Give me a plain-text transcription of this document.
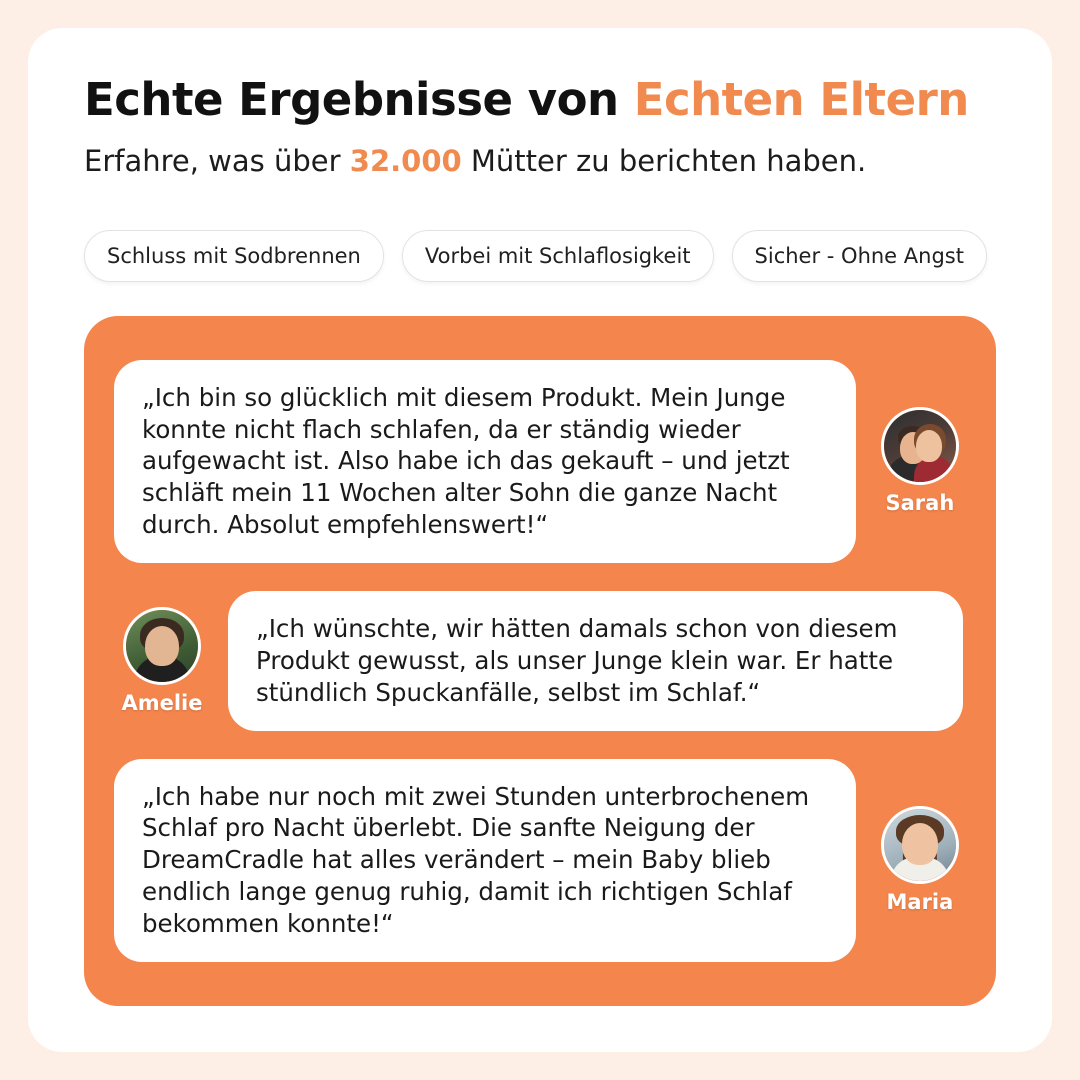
Echte Ergebnisse von Echten Eltern

Erfahre, was über 32.000 Mütter zu berichten haben.

Schluss mit Sodbrennen	Vorbei mit Schlaflosigkeit	Sicher - Ohne Angst
„Ich bin so glücklich mit diesem Produkt. Mein Junge konnte nicht flach schlafen, da er ständig wieder aufgewacht ist. Also habe ich das gekauft – und jetzt schläft mein 11 Wochen alter Sohn die ganze Nacht durch. Absolut empfehlenswert!“
Sarah
Amelie
„Ich wünschte, wir hätten damals schon von diesem Produkt gewusst, als unser Junge klein war. Er hatte stündlich Spuckanfälle, selbst im Schlaf.“
„Ich habe nur noch mit zwei Stunden unterbrochenem Schlaf pro Nacht überlebt. Die sanfte Neigung der DreamCradle hat alles verändert – mein Baby blieb endlich lange genug ruhig, damit ich richtigen Schlaf bekommen konnte!“
Maria
